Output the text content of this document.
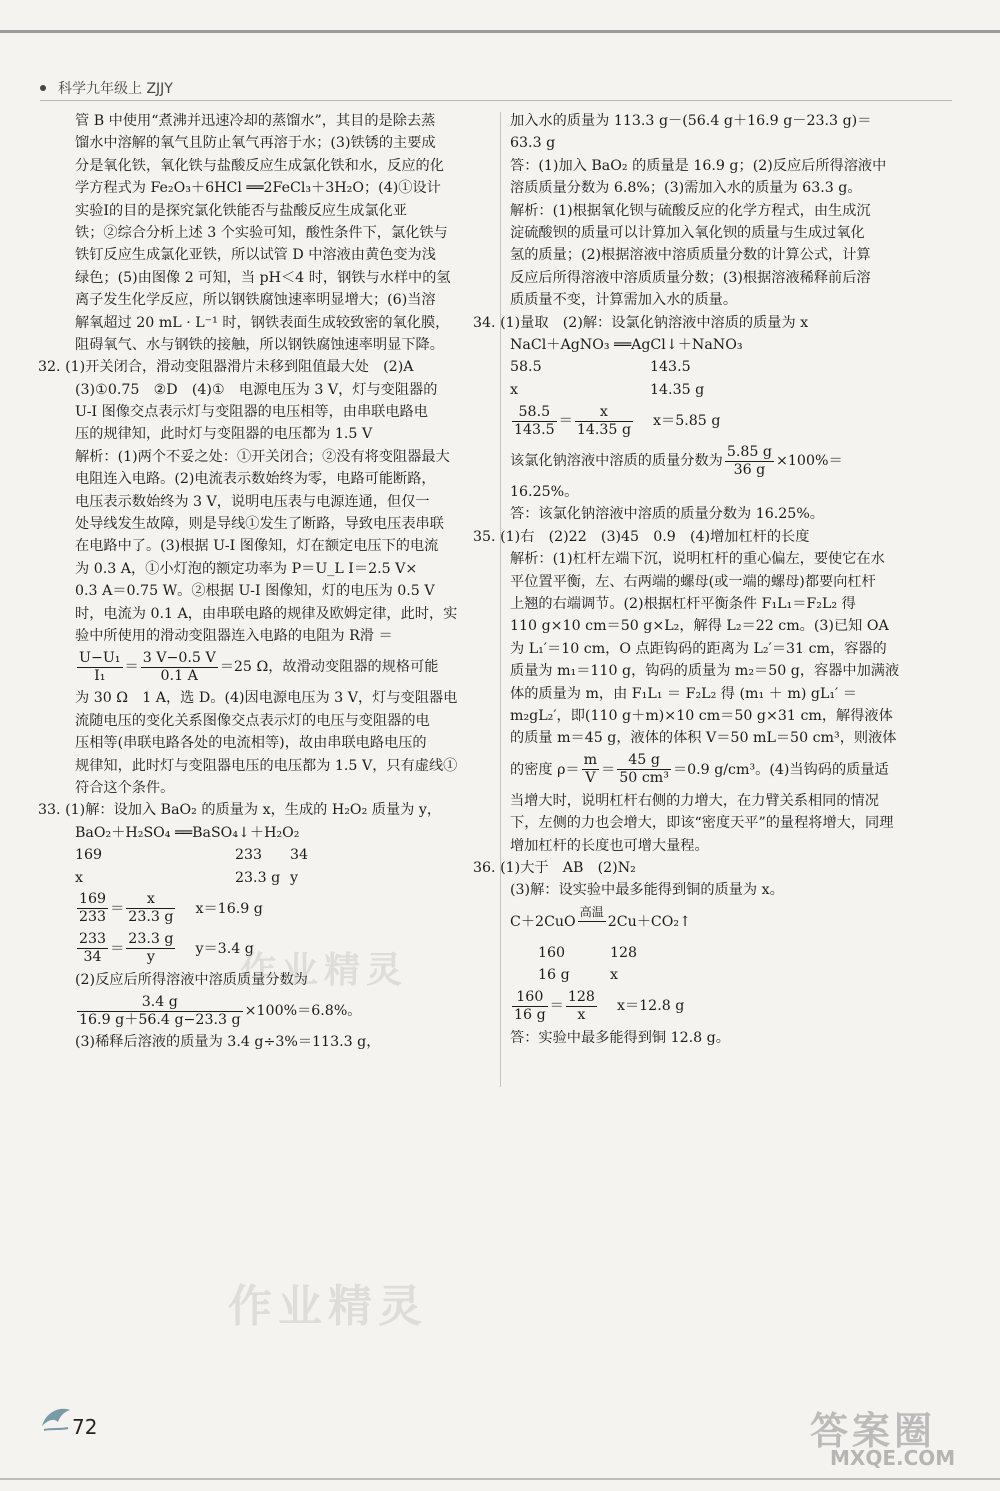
科学九年级上 ZJJY
管 B 中使用“煮沸并迅速冷却的蒸馏水”，其目的是除去蒸
馏水中溶解的氧气且防止氧气再溶于水；(3)铁锈的主要成
分是氧化铁，氧化铁与盐酸反应生成氯化铁和水，反应的化
学方程式为 Fe₂O₃＋6HCl ══2FeCl₃＋3H₂O；(4)①设计
实验Ⅰ的目的是探究氯化铁能否与盐酸反应生成氯化亚
铁；②综合分析上述 3 个实验可知，酸性条件下，氯化铁与
铁钉反应生成氯化亚铁，所以试管 D 中溶液由黄色变为浅
绿色；(5)由图像 2 可知，当 pH＜4 时，钢铁与水样中的氢
离子发生化学反应，所以钢铁腐蚀速率明显增大；(6)当溶
解氧超过 20 mL · L⁻¹ 时，钢铁表面生成较致密的氧化膜，
阻碍氧气、水与钢铁的接触，所以钢铁腐蚀速率明显下降。
32. (1)开关闭合，滑动变阻器滑片未移到阻值最大处　(2)A
(3)①0.75　②D　(4)①　电源电压为 3 V，灯与变阻器的
U-I 图像交点表示灯与变阻器的电压相等，由串联电路电
压的规律知，此时灯与变阻器的电压都为 1.5 V
解析：(1)两个不妥之处：①开关闭合；②没有将变阻器最大
电阻连入电路。(2)电流表示数始终为零，电路可能断路，
电压表示数始终为 3 V，说明电压表与电源连通，但仅一
处导线发生故障，则是导线①发生了断路，导致电压表串联
在电路中了。(3)根据 U-I 图像知，灯在额定电压下的电流
为 0.3 A，①小灯泡的额定功率为 P＝U_L I＝2.5 V×
0.3 A＝0.75 W。②根据 U-I 图像知，灯的电压为 0.5 V
时，电流为 0.1 A，由串联电路的规律及欧姆定律，此时，实
验中所使用的滑动变阻器连入电路的电阻为 R滑 ＝
$\frac{\text{U−U₁}}{\text{I₁}} = \frac{3 V-0.5 V}{0.1 A} =25$ Ω，故滑动变阻器的规格可能
为 30 Ω　1 A，选 D。(4)因电源电压为 3 V，灯与变阻器电
流随电压的变化关系图像交点表示灯的电压与变阻器的电
压相等(串联电路各处的电流相等)，故由串联电路电压的
规律知，此时灯与变阻器电压的电压都为 1.5 V，只有虚线①
符合这个条件。
33. (1)解：设加入 BaO₂ 的质量为 x，生成的 H₂O₂ 质量为 y，
BaO₂＋H₂SO₄ ══BaSO₄↓＋H₂O₂
169	233 34
x	23.3 g y
$\frac{169}{233} = \frac{x}{23.3 g} x=16.9$ g
$\frac{233}{34} = \frac{23.3 g}{y} y=3.4$ g
(2)反应后所得溶液中溶质质量分数为
$\frac{3.4 g}{16.9 g+56.4 g-23.3 g} \times 100\%=6.8\%$。
(3)稀释后溶液的质量为 3.4 g÷3%＝113.3 g，
加入水的质量为 113.3 g－(56.4 g＋16.9 g－23.3 g)＝
63.3 g
答：(1)加入 BaO₂ 的质量是 16.9 g；(2)反应后所得溶液中
溶质质量分数为 6.8%；(3)需加入水的质量为 63.3 g。
解析：(1)根据氧化钡与硫酸反应的化学方程式，由生成沉
淀硫酸钡的质量可以计算加入氧化钡的质量与生成过氧化
氢的质量；(2)根据溶液中溶质质量分数的计算公式，计算
反应后所得溶液中溶质质量分数；(3)根据溶液稀释前后溶
质质量不变，计算需加入水的质量。
34. (1)量取　(2)解：设氯化钠溶液中溶质的质量为 x
NaCl＋AgNO₃ ══AgCl↓＋NaNO₃
58.5	143.5
x	14.35 g
$\frac{58.5}{143.5} = \frac{x}{14.35 g} x=5.85$ g
该氯化钠溶液中溶质的质量分数为 $\frac{5.85 g}{36 g} \times 100\%=$
16.25%。
答：该氯化钠溶液中溶质的质量分数为 16.25%。
35. (1)右　(2)22　(3)45　0.9　(4)增加杠杆的长度
解析：(1)杠杆左端下沉，说明杠杆的重心偏左，要使它在水
平位置平衡，左、右两端的螺母(或一端的螺母)都要向杠杆
上翘的右端调节。(2)根据杠杆平衡条件 F₁L₁＝F₂L₂ 得
110 g×10 cm＝50 g×L₂，解得 L₂＝22 cm。(3)已知 OA
为 L₁′＝10 cm，O 点距钩码的距离为 L₂′＝31 cm，容器的
质量为 m₁＝110 g，钩码的质量为 m₂＝50 g，容器中加满液
体的质量为 m，由 F₁L₁ ＝ F₂L₂ 得 (m₁ ＋ m) gL₁′ ＝
m₂gL₂′，即(110 g＋m)×10 cm＝50 g×31 cm，解得液体
的质量 m＝45 g，液体的体积 V＝50 mL＝50 cm³，则液体
的密度 $\rho= \frac{m}{V} = \frac{45 g}{\text{50 cm³}} =0.9$ g/cm³。(4)当钩码的质量适
当增大时，说明杠杆右侧的力增大，在力臂关系相同的情况
下，左侧的力也会增大，即该“密度天平”的量程将增大，同理
增加杠杆的长度也可增大量程。
36. (1)大于　AB　(2)N₂
(3)解：设实验中最多能得到铜的质量为 x。
C＋2CuO
高温

2Cu＋CO₂↑
160	128
16 g	x
$\frac{160}{16 g} = \frac{128}{x} x=12.8$ g
答：实验中最多能得到铜 12.8 g。
作业精灵
作业精灵
72	答案圈
MXQE.COM
